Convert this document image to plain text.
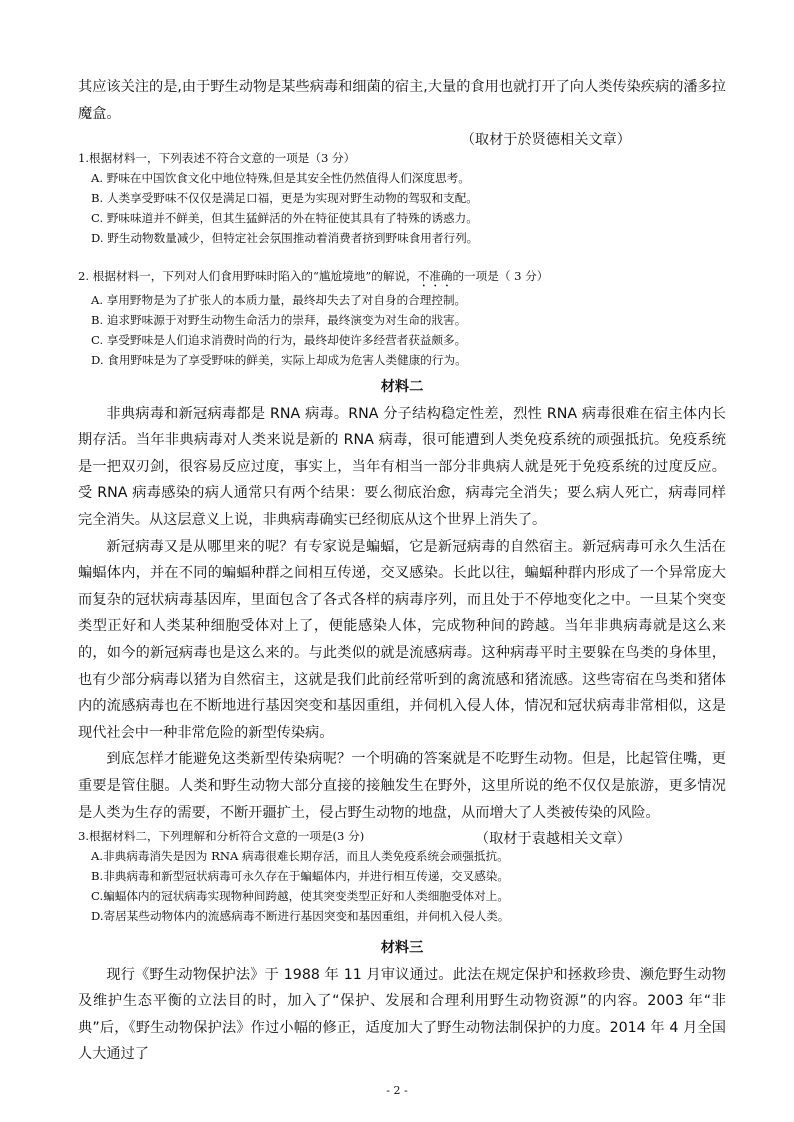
其应该关注的是,由于野生动物是某些病毒和细菌的宿主,大量的食用也就打开了向人类传染疾病的潘多拉魔盒。

（取材于於贤德相关文章）

1.根据材料一，下列表述不符合文意的一项是（3 分）

A. 野味在中国饮食文化中地位特殊,但是其安全性仍然值得人们深度思考。

B. 人类享受野味不仅仅是满足口福，更是为实现对野生动物的驾驭和支配。

C. 野味味道并不鲜美，但其生猛鲜活的外在特征使其具有了特殊的诱惑力。

D. 野生动物数量减少，但特定社会氛围推动着消费者挤到野味食用者行列。

2. 根据材料一，下列对人们食用野味时陷入的“尴尬境地”的解说，不准确的一项是（ 3 分）

A. 享用野物是为了扩张人的本质力量，最终却失去了对自身的合理控制。

B. 追求野味源于对野生动物生命活力的崇拜，最终演变为对生命的戕害。

C. 享受野味是人们追求消费时尚的行为，最终却使许多经营者获益颇多。

D. 食用野味是为了享受野味的鲜美，实际上却成为危害人类健康的行为。

材料二

非典病毒和新冠病毒都是 RNA 病毒。RNA 分子结构稳定性差，烈性 RNA 病毒很难在宿主体内长期存活。当年非典病毒对人类来说是新的 RNA 病毒，很可能遭到人类免疫系统的顽强抵抗。免疫系统是一把双刃剑，很容易反应过度，事实上，当年有相当一部分非典病人就是死于免疫系统的过度反应。受 RNA 病毒感染的病人通常只有两个结果：要么彻底治愈，病毒完全消失；要么病人死亡，病毒同样完全消失。从这层意义上说，非典病毒确实已经彻底从这个世界上消失了。

新冠病毒又是从哪里来的呢？有专家说是蝙蝠，它是新冠病毒的自然宿主。新冠病毒可永久生活在蝙蝠体内，并在不同的蝙蝠种群之间相互传递，交叉感染。长此以往，蝙蝠种群内形成了一个异常庞大而复杂的冠状病毒基因库，里面包含了各式各样的病毒序列，而且处于不停地变化之中。一旦某个突变类型正好和人类某种细胞受体对上了，便能感染人体，完成物种间的跨越。当年非典病毒就是这么来的，如今的新冠病毒也是这么来的。与此类似的就是流感病毒。这种病毒平时主要躲在鸟类的身体里，也有少部分病毒以猪为自然宿主，这就是我们此前经常听到的禽流感和猪流感。这些寄宿在鸟类和猪体内的流感病毒也在不断地进行基因突变和基因重组，并伺机入侵人体，情况和冠状病毒非常相似，这是现代社会中一种非常危险的新型传染病。

到底怎样才能避免这类新型传染病呢？一个明确的答案就是不吃野生动物。但是，比起管住嘴，更重要是管住腿。人类和野生动物大部分直接的接触发生在野外，这里所说的绝不仅仅是旅游，更多情况是人类为生存的需要，不断开疆扩土，侵占野生动物的地盘，从而增大了人类被传染的风险。

（取材于袁越相关文章）

3.根据材料二，下列理解和分析符合文意的一项是(3 分)

A.非典病毒消失是因为 RNA 病毒很难长期存活，而且人类免疫系统会顽强抵抗。

B.非典病毒和新型冠状病毒可永久存在于蝙蝠体内，并进行相互传递，交叉感染。

C.蝙蝠体内的冠状病毒实现物种间跨越，使其突变类型正好和人类细胞受体对上。

D.寄居某些动物体内的流感病毒不断进行基因突变和基因重组，并伺机入侵人类。

材料三

现行《野生动物保护法》于 1988 年 11 月审议通过。此法在规定保护和拯救珍贵、濒危野生动物及维护生态平衡的立法目的时，加入了“保护、发展和合理利用野生动物资源”的内容。2003 年“非典”后，《野生动物保护法》作过小幅的修正，适度加大了野生动物法制保护的力度。2014 年 4 月全国人大通过了

- 2 -
